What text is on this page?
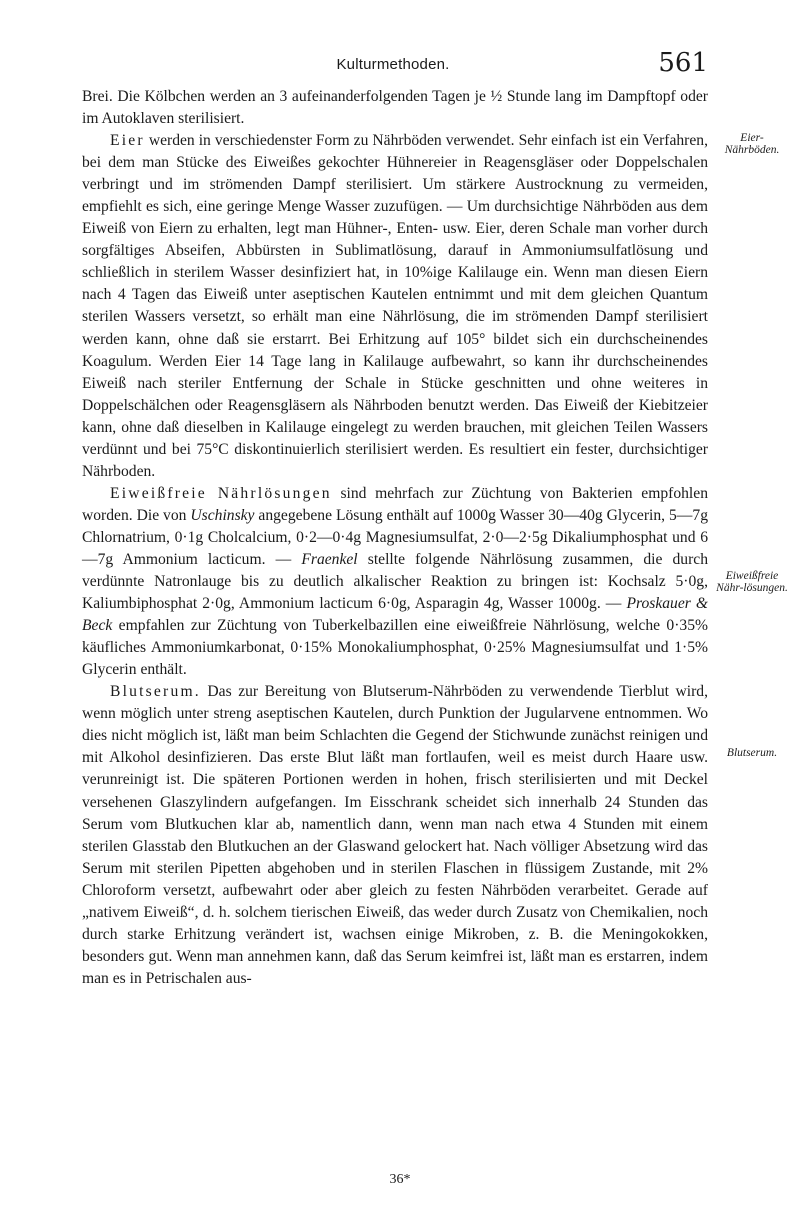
Kulturmethoden.	561

Brei. Die Kölbchen werden an 3 aufeinanderfolgenden Tagen je ½ Stunde lang im Dampftopf oder im Autoklaven sterilisiert.

Eier werden in verschiedenster Form zu Nährböden verwendet. Sehr einfach ist ein Verfahren, bei dem man Stücke des Eiweißes gekochter Hühnereier in Reagensgläser oder Doppelschalen verbringt und im strömenden Dampf sterilisiert. Um stärkere Austrocknung zu vermeiden, empfiehlt es sich, eine geringe Menge Wasser zuzufügen. — Um durchsichtige Nährböden aus dem Eiweiß von Eiern zu erhalten, legt man Hühner-, Enten- usw. Eier, deren Schale man vorher durch sorgfältiges Abseifen, Abbürsten in Sublimatlösung, darauf in Ammoniumsulfatlösung und schließlich in sterilem Wasser desinfiziert hat, in 10%ige Kalilauge ein. Wenn man diesen Eiern nach 4 Tagen das Eiweiß unter aseptischen Kautelen entnimmt und mit dem gleichen Quantum sterilen Wassers versetzt, so erhält man eine Nährlösung, die im strömenden Dampf sterilisiert werden kann, ohne daß sie erstarrt. Bei Erhitzung auf 105° bildet sich ein durchscheinendes Koagulum. Werden Eier 14 Tage lang in Kalilauge aufbewahrt, so kann ihr durchscheinendes Eiweiß nach steriler Entfernung der Schale in Stücke geschnitten und ohne weiteres in Doppelschälchen oder Reagensgläsern als Nährboden benutzt werden. Das Eiweiß der Kiebitzeier kann, ohne daß dieselben in Kalilauge eingelegt zu werden brauchen, mit gleichen Teilen Wassers verdünnt und bei 75°C diskontinuierlich sterilisiert werden. Es resultiert ein fester, durchsichtiger Nährboden.

Eiweißfreie Nährlösungen sind mehrfach zur Züchtung von Bakterien empfohlen worden. Die von Uschinsky angegebene Lösung enthält auf 1000g Wasser 30—40g Glycerin, 5—7g Chlornatrium, 0·1g Cholcalcium, 0·2—0·4g Magnesiumsulfat, 2·0—2·5g Dikaliumphosphat und 6—7g Ammonium lacticum. — Fraenkel stellte folgende Nährlösung zusammen, die durch verdünnte Natronlauge bis zu deutlich alkalischer Reaktion zu bringen ist: Kochsalz 5·0g, Kaliumbiphosphat 2·0g, Ammonium lacticum 6·0g, Asparagin 4g, Wasser 1000g. — Proskauer & Beck empfahlen zur Züchtung von Tuberkelbazillen eine eiweißfreie Nährlösung, welche 0·35% käufliches Ammoniumkarbonat, 0·15% Monokaliumphosphat, 0·25% Magnesiumsulfat und 1·5% Glycerin enthält.

Blutserum. Das zur Bereitung von Blutserum-Nährböden zu verwendende Tierblut wird, wenn möglich unter streng aseptischen Kautelen, durch Punktion der Jugularvene entnommen. Wo dies nicht möglich ist, läßt man beim Schlachten die Gegend der Stichwunde zunächst reinigen und mit Alkohol desinfizieren. Das erste Blut läßt man fortlaufen, weil es meist durch Haare usw. verunreinigt ist. Die späteren Portionen werden in hohen, frisch sterilisierten und mit Deckel versehenen Glaszylindern aufgefangen. Im Eisschrank scheidet sich innerhalb 24 Stunden das Serum vom Blutkuchen klar ab, namentlich dann, wenn man nach etwa 4 Stunden mit einem sterilen Glasstab den Blutkuchen an der Glaswand gelockert hat. Nach völliger Absetzung wird das Serum mit sterilen Pipetten abgehoben und in sterilen Flaschen in flüssigem Zustande, mit 2% Chloroform versetzt, aufbewahrt oder aber gleich zu festen Nährböden verarbeitet. Gerade auf „nativem Eiweiß“, d. h. solchem tierischen Eiweiß, das weder durch Zusatz von Chemikalien, noch durch starke Erhitzung verändert ist, wachsen einige Mikroben, z. B. die Meningokokken, besonders gut. Wenn man annehmen kann, daß das Serum keimfrei ist, läßt man es erstarren, indem man es in Petrischalen aus-

Eier-Nährböden.
Eiweißfreie Nähr-lösungen.
Blutserum.
36*
